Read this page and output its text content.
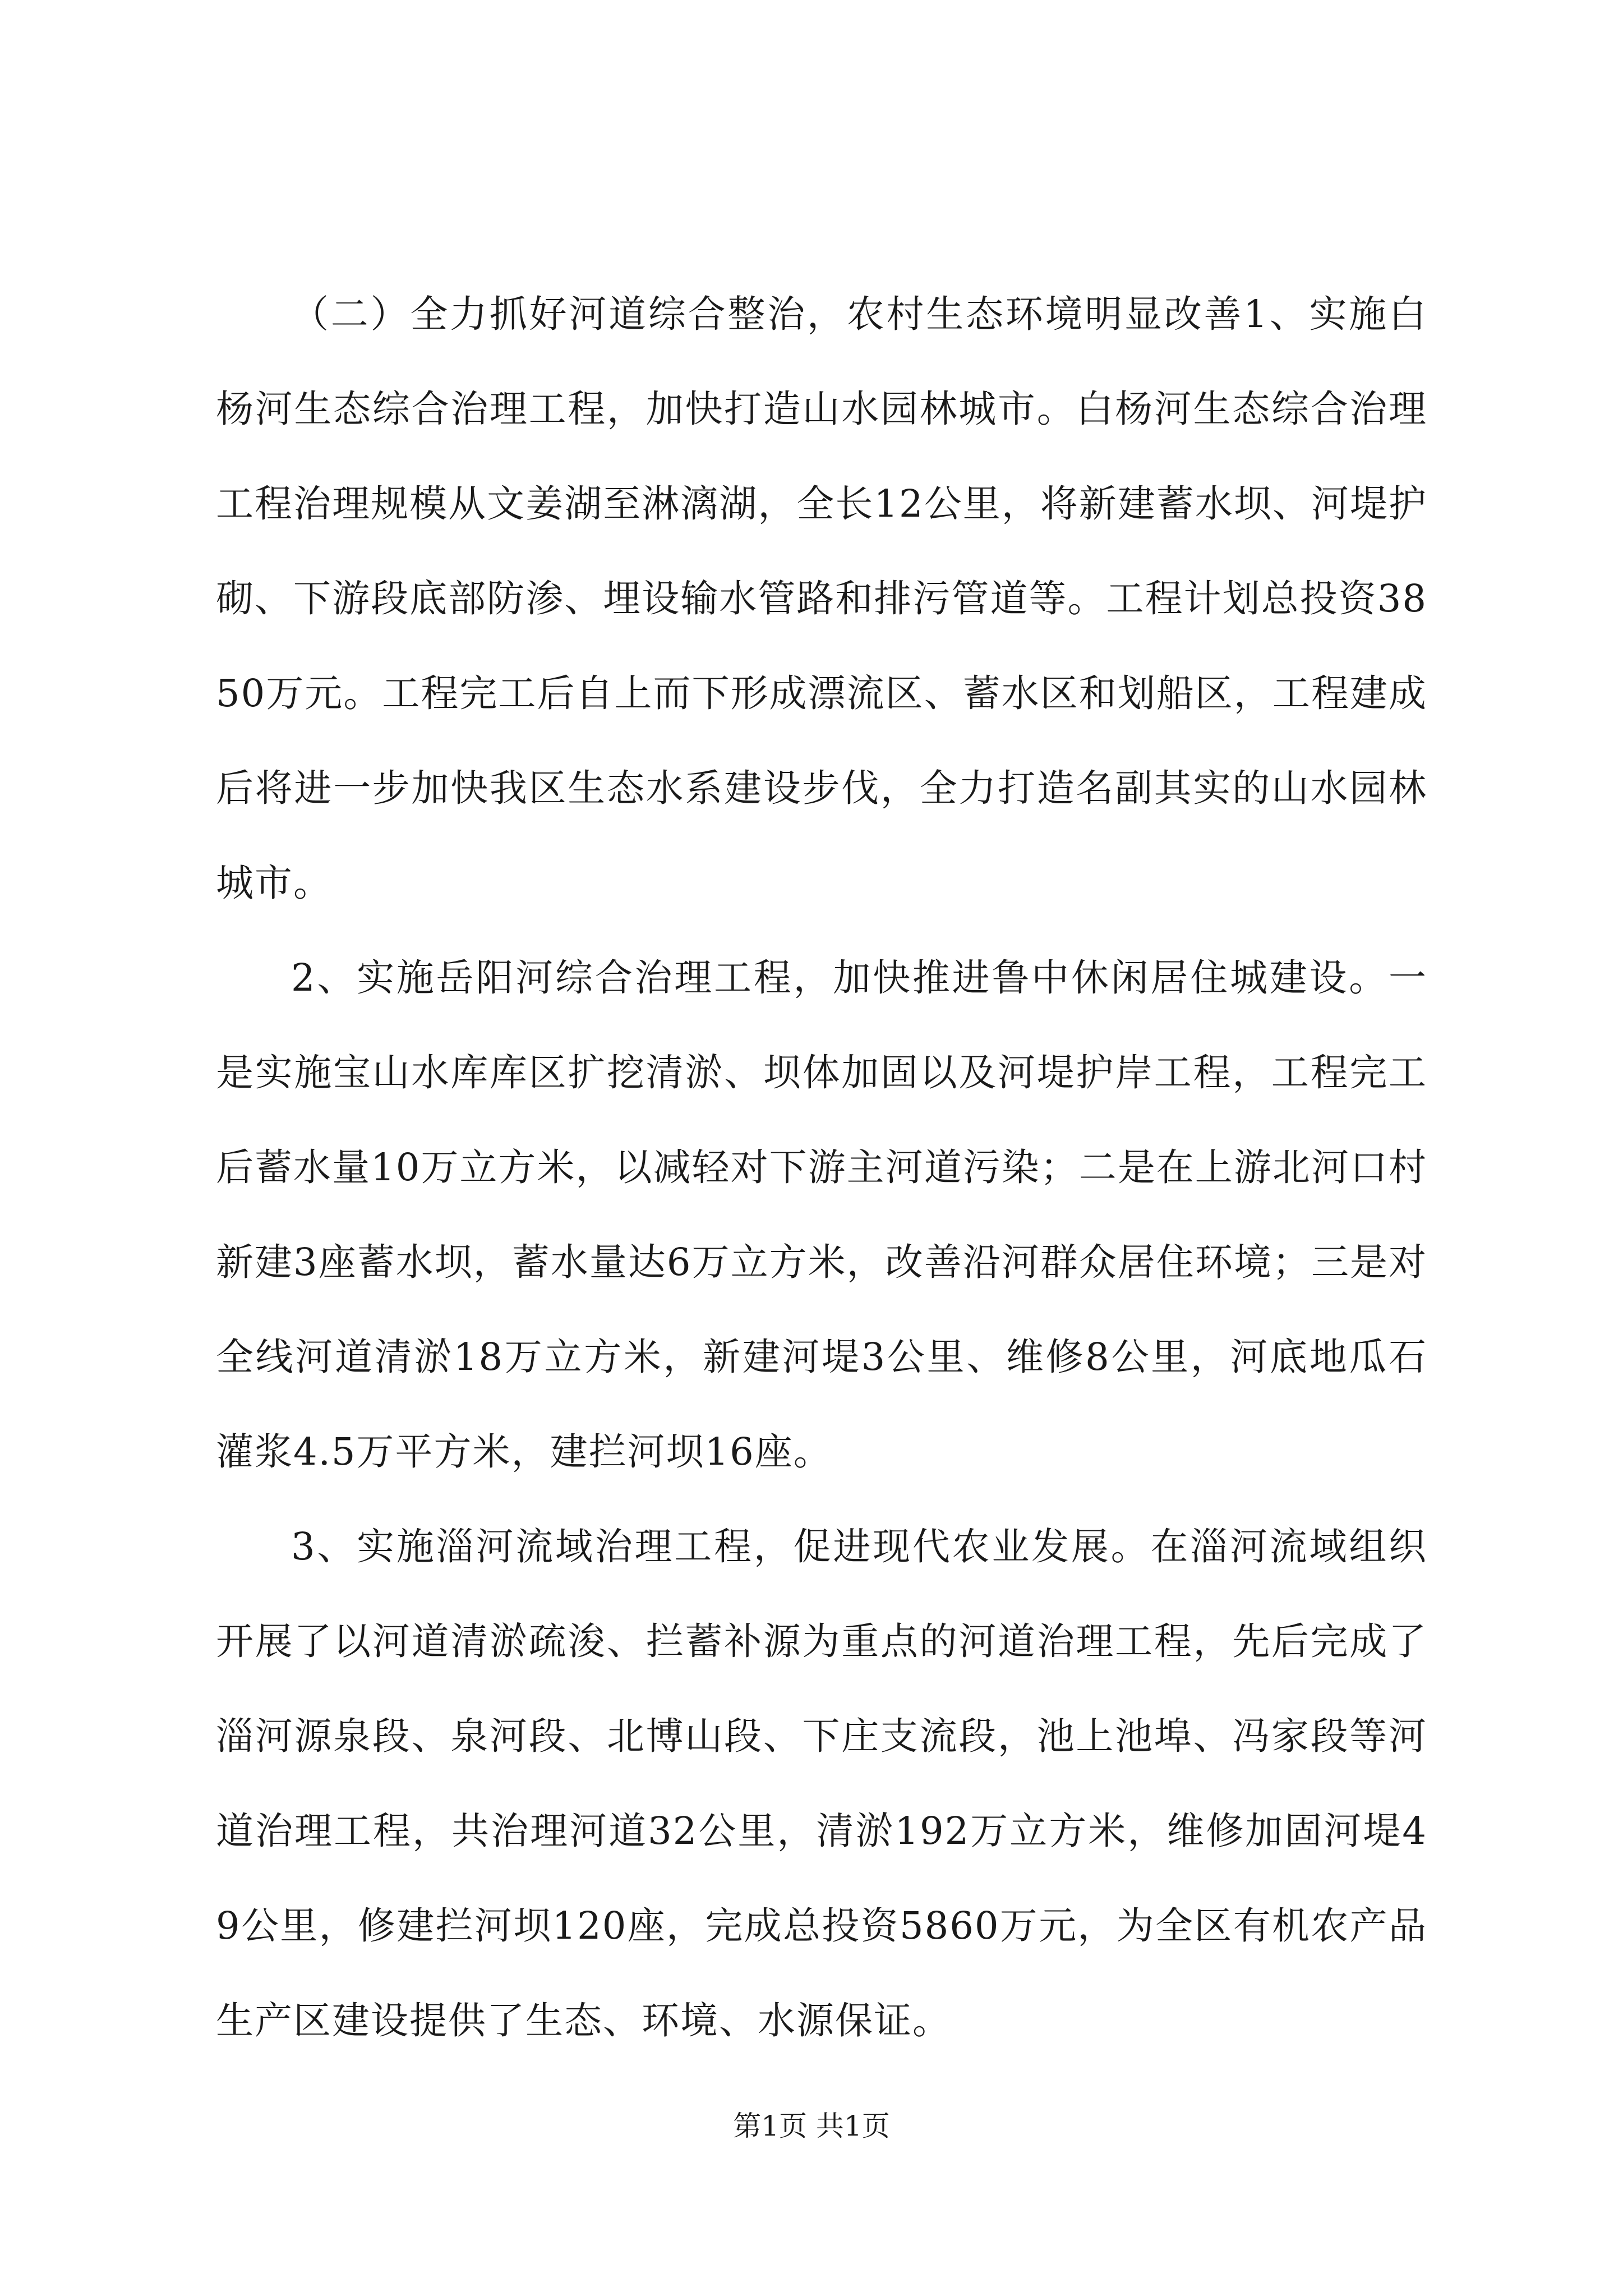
（二）全力抓好河道综合整治，农村生态环境明显改善1、实施白杨河生态综合治理工程，加快打造山水园林城市。白杨河生态综合治理工程治理规模从文姜湖至淋漓湖，全长12公里，将新建蓄水坝、河堤护砌、下游段底部防渗、埋设输水管路和排污管道等。工程计划总投资3850万元。工程完工后自上而下形成漂流区、蓄水区和划船区，工程建成后将进一步加快我区生态水系建设步伐，全力打造名副其实的山水园林城市。

2、实施岳阳河综合治理工程，加快推进鲁中休闲居住城建设。一是实施宝山水库库区扩挖清淤、坝体加固以及河堤护岸工程，工程完工后蓄水量10万立方米，以减轻对下游主河道污染；二是在上游北河口村新建3座蓄水坝，蓄水量达6万立方米，改善沿河群众居住环境；三是对全线河道清淤18万立方米，新建河堤3公里、维修8公里，河底地瓜石灌浆4.5万平方米，建拦河坝16座。

3、实施淄河流域治理工程，促进现代农业发展。在淄河流域组织开展了以河道清淤疏浚、拦蓄补源为重点的河道治理工程，先后完成了淄河源泉段、泉河段、北博山段、下庄支流段，池上池埠、冯家段等河道治理工程，共治理河道32公里，清淤192万立方米，维修加固河堤49公里，修建拦河坝120座，完成总投资5860万元，为全区有机农产品生产区建设提供了生态、环境、水源保证。

第1页 共1页
